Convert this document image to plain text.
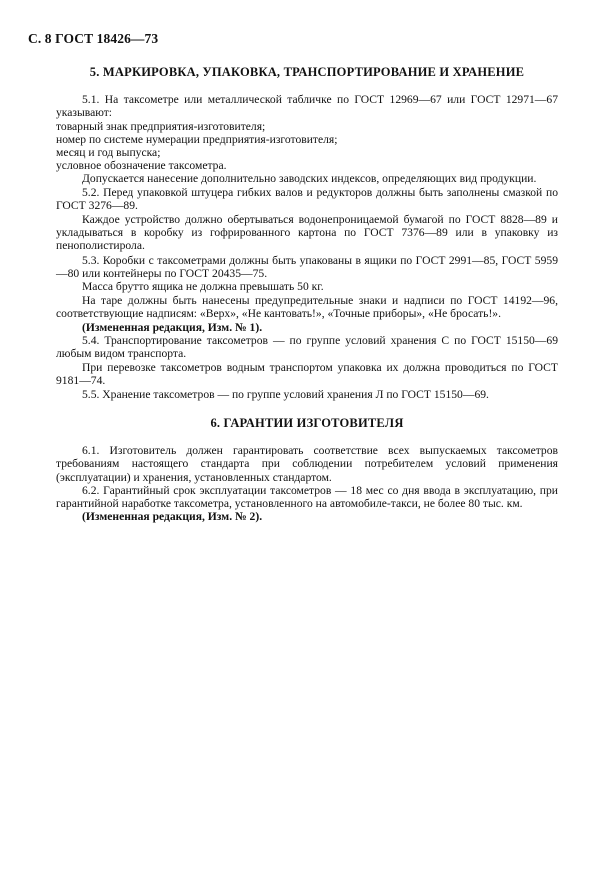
С. 8 ГОСТ 18426—73
5. МАРКИРОВКА, УПАКОВКА, ТРАНСПОРТИРОВАНИЕ И ХРАНЕНИЕ

5.1. На таксометре или металлической табличке по ГОСТ 12969—67 или ГОСТ 12971—67 указывают:

товарный знак предприятия-изготовителя;
номер по системе нумерации предприятия-изготовителя;
месяц и год выпуска;
условное обозначение таксометра.

Допускается нанесение дополнительно заводских индексов, определяющих вид продукции.

5.2. Перед упаковкой штуцера гибких валов и редукторов должны быть заполнены смазкой по ГОСТ 3276—89.

Каждое устройство должно обертываться водонепроницаемой бумагой по ГОСТ 8828—89 и укладываться в коробку из гофрированного картона по ГОСТ 7376—89 или в упаковку из пенополистирола.

5.3. Коробки с таксометрами должны быть упакованы в ящики по ГОСТ 2991—85, ГОСТ 5959—80 или контейнеры по ГОСТ 20435—75.

Масса брутто ящика не должна превышать 50 кг.

На таре должны быть нанесены предупредительные знаки и надписи по ГОСТ 14192—96, соответствующие надписям: «Верх», «Не кантовать!», «Точные приборы», «Не бросать!».

(Измененная редакция, Изм. № 1).

5.4. Транспортирование таксометров — по группе условий хранения С по ГОСТ 15150—69 любым видом транспорта.

При перевозке таксометров водным транспортом упаковка их должна проводиться по ГОСТ 9181—74.

5.5. Хранение таксометров — по группе условий хранения Л по ГОСТ 15150—69.

6. ГАРАНТИИ ИЗГОТОВИТЕЛЯ

6.1. Изготовитель должен гарантировать соответствие всех выпускаемых таксометров требованиям настоящего стандарта при соблюдении потребителем условий применения (эксплуатации) и хранения, установленных стандартом.

6.2. Гарантийный срок эксплуатации таксометров — 18 мес со дня ввода в эксплуатацию, при гарантийной наработке таксометра, установленного на автомобиле-такси, не более 80 тыс. км.

(Измененная редакция, Изм. № 2).
